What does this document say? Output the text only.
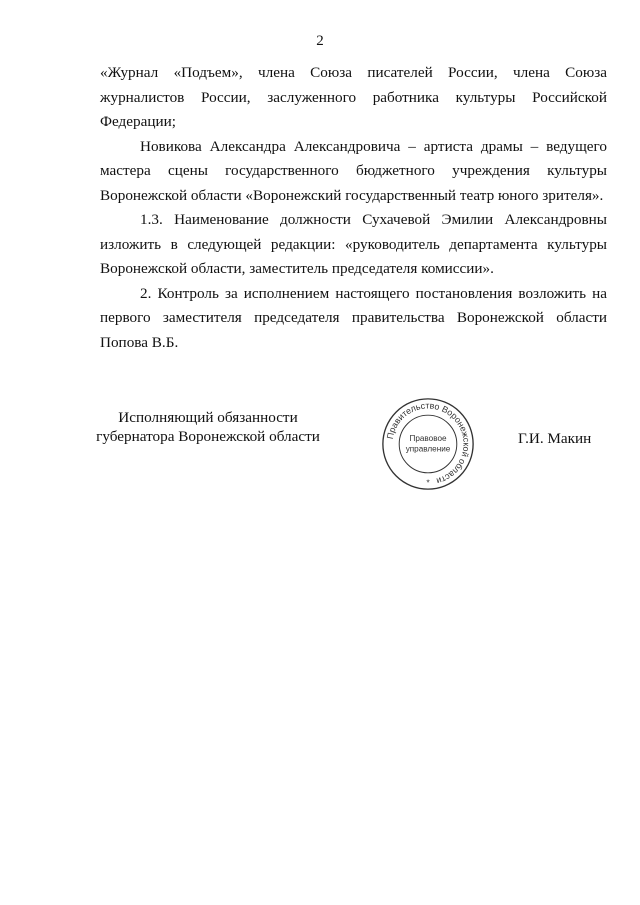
2

«Журнал «Подъем», члена Союза писателей России, члена Союза журналистов России, заслуженного работника культуры Российской Федерации;

Новикова Александра Александровича – артиста драмы – ведущего мастера сцены государственного бюджетного учреждения культуры Воронежской области «Воронежский государственный театр юного зрителя».

1.3. Наименование должности Сухачевой Эмилии Александровны изложить в следующей редакции: «руководитель департамента культуры Воронежской области, заместитель председателя комиссии».

2. Контроль за исполнением настоящего постановления возложить на первого заместителя председателя правительства Воронежской области Попова В.Б.

Исполняющий обязанности
губернатора Воронежской области	Правительство Воронежской области
Правовое
управление
*
Г.И. Макин
